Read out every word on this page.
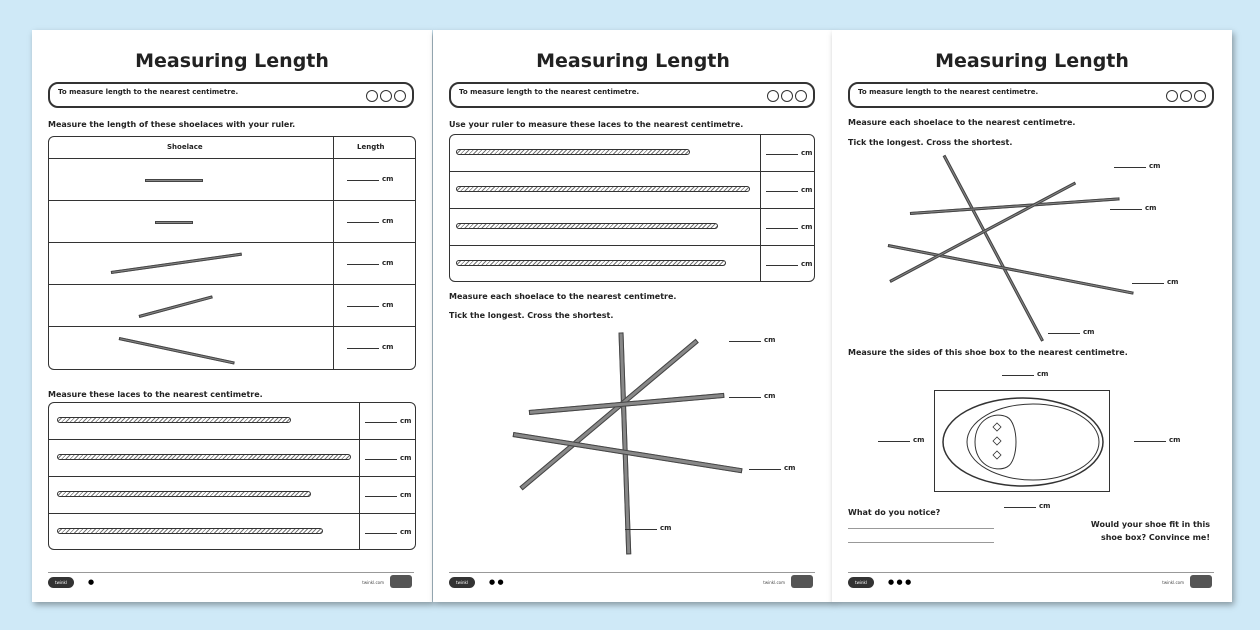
Measuring Length
To measure length to the nearest centimetre.
Measure the length of these shoelaces with your ruler.
Shoelace	Length
cm
cm
cm
cm
cm
Measure these laces to the nearest centimetre.
cm
cm
cm
cm
twinkl	●	twinkl.com
Measuring Length
To measure length to the nearest centimetre.
Use your ruler to measure these laces to the nearest centimetre.
cm
cm
cm
cm
Measure each shoelace to the nearest centimetre.
Tick the longest. Cross the shortest.
cm
cm
cm
cm
twinkl	● ●	twinkl.com
Measuring Length
To measure length to the nearest centimetre.
Measure each shoelace to the nearest centimetre.
Tick the longest. Cross the shortest.
cm
cm
cm
cm
Measure the sides of this shoe box to the nearest centimetre.
cm
cm	cm
cm
What do you notice?
Would your shoe fit in this shoe box? Convince me!
twinkl	● ● ●	twinkl.com
